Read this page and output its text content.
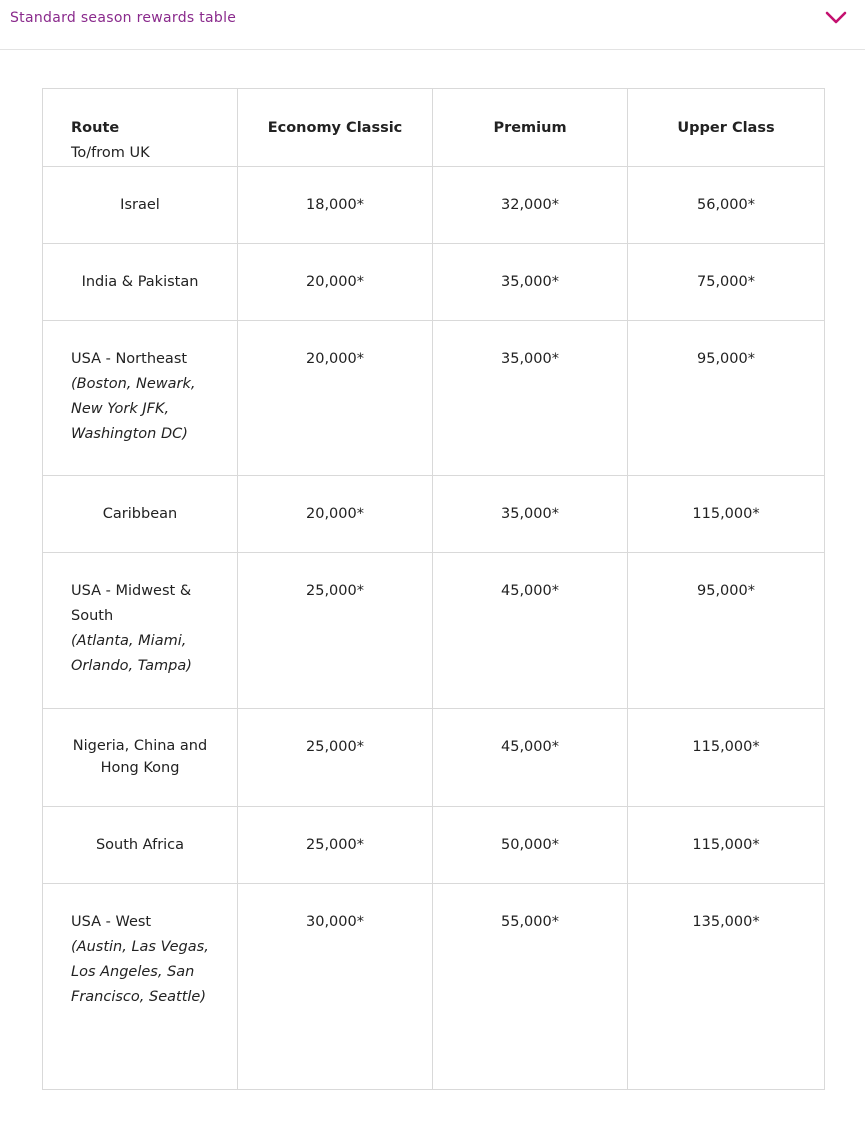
Standard season rewards table
Route
To/from UK	Economy Classic	Premium	Upper Class
Israel	18,000*	32,000*	56,000*
India & Pakistan	20,000*	35,000*	75,000*
USA - Northeast
(Boston, Newark, New York JFK, Washington DC)	20,000*	35,000*	95,000*
Caribbean	20,000*	35,000*	115,000*
USA - Midwest & South
(Atlanta, Miami, Orlando, Tampa)	25,000*	45,000*	95,000*
Nigeria, China and Hong Kong	25,000*	45,000*	115,000*
South Africa	25,000*	50,000*	115,000*
USA - West
(Austin, Las Vegas, Los Angeles, San Francisco, Seattle)	30,000*	55,000*	135,000*
